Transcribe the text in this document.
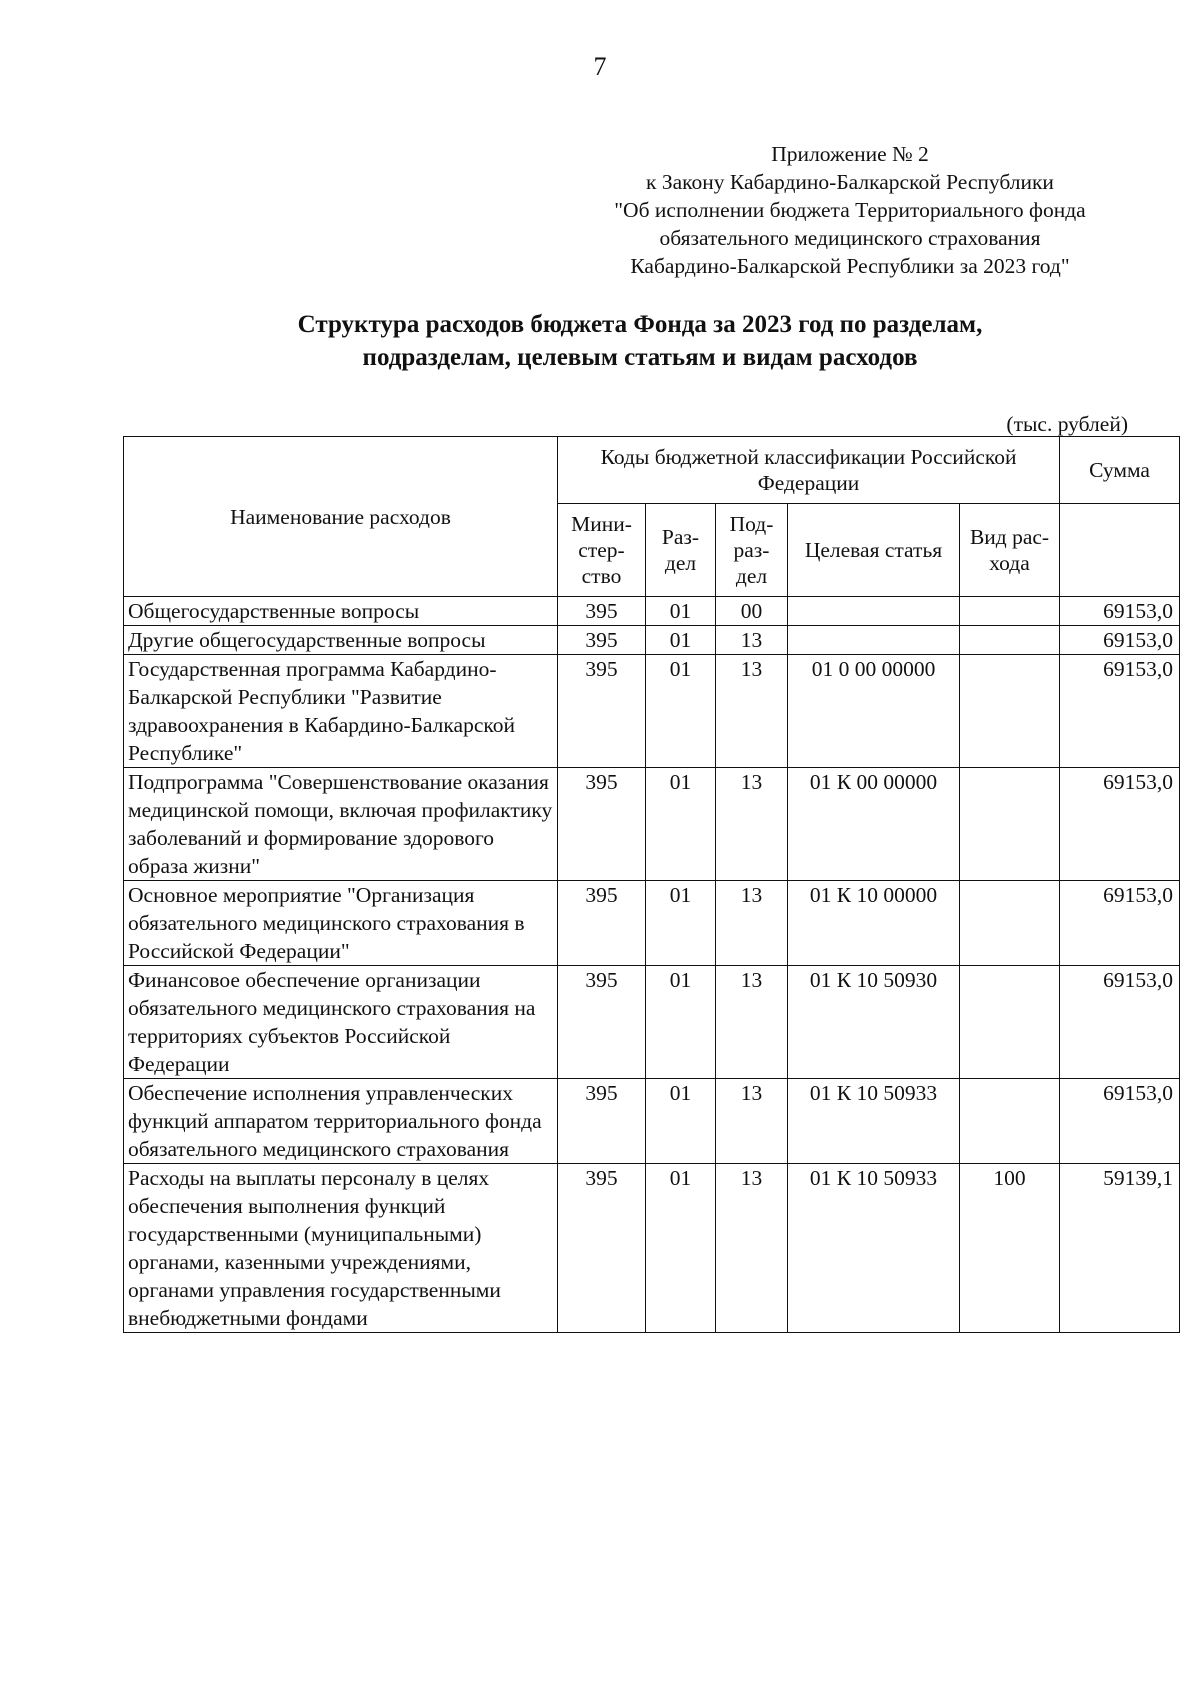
7
Приложение № 2
к Закону Кабардино-Балкарской Республики
"Об исполнении бюджета Территориального фонда
обязательного медицинского страхования
Кабардино-Балкарской Республики за 2023 год"
Структура расходов бюджета Фонда за 2023 год по разделам,
подразделам, целевым статьям и видам расходов
(тыс. рублей)
Наименование расходов	Коды бюджетной классификации Российской Федерации					Сумма
	Мини-стер-ство	Раз-дел	Под-раз-дел	Целевая статья	Вид рас-хода	
Общегосударственные вопросы	395	01	00			69153,0
Другие общегосударственные вопросы	395	01	13			69153,0
Государственная программа Кабардино-Балкарской Республики "Развитие здравоохранения в Кабардино-Балкарской Республике"	395	01	13	01 0 00 00000		69153,0
Подпрограмма "Совершенствование оказания медицинской помощи, включая профилактику заболеваний и формирование здорового образа жизни"	395	01	13	01 К 00 00000		69153,0
Основное мероприятие "Организация обязательного медицинского страхования в Российской Федерации"	395	01	13	01 К 10 00000		69153,0
Финансовое обеспечение организации обязательного медицинского страхования на территориях субъектов Российской Федерации	395	01	13	01 К 10 50930		69153,0
Обеспечение исполнения управленческих функций аппаратом территориального фонда обязательного медицинского страхования	395	01	13	01 К 10 50933		69153,0
Расходы на выплаты персоналу в целях обеспечения выполнения функций государственными (муниципальными) органами, казенными учреждениями, органами управления государственными внебюджетными фондами	395	01	13	01 К 10 50933	100	59139,1
